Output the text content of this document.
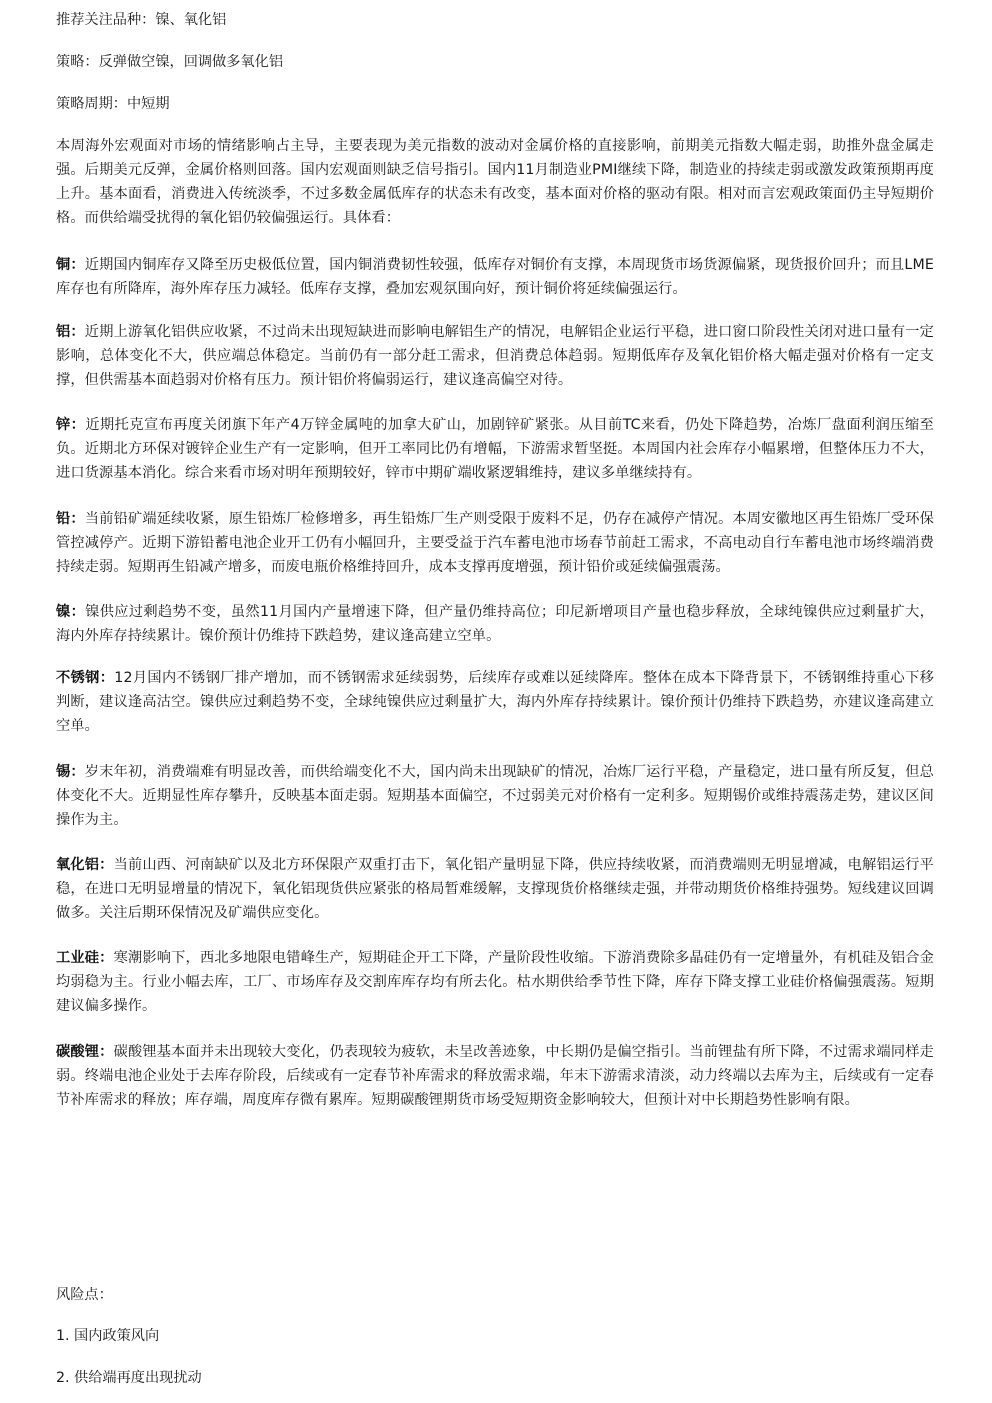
推荐关注品种：镍、氧化铝

策略：反弹做空镍，回调做多氧化铝

策略周期：中短期

本周海外宏观面对市场的情绪影响占主导，主要表现为美元指数的波动对金属价格的直接影响，前期美元指数大幅走弱，助推外盘金属走强。后期美元反弹，金属价格则回落。国内宏观面则缺乏信号指引。国内11月制造业PMI继续下降，制造业的持续走弱或激发政策预期再度上升。基本面看，消费进入传统淡季，不过多数金属低库存的状态未有改变，基本面对价格的驱动有限。相对而言宏观政策面仍主导短期价格。而供给端受扰得的氧化铝仍较偏强运行。具体看：

铜：近期国内铜库存又降至历史极低位置，国内铜消费韧性较强，低库存对铜价有支撑，本周现货市场货源偏紧，现货报价回升；而且LME库存也有所降库，海外库存压力减轻。低库存支撑，叠加宏观氛围向好，预计铜价将延续偏强运行。

铝：近期上游氧化铝供应收紧，不过尚未出现短缺进而影响电解铝生产的情况，电解铝企业运行平稳，进口窗口阶段性关闭对进口量有一定影响，总体变化不大，供应端总体稳定。当前仍有一部分赶工需求，但消费总体趋弱。短期低库存及氧化铝价格大幅走强对价格有一定支撑，但供需基本面趋弱对价格有压力。预计铝价将偏弱运行，建议逢高偏空对待。

锌：近期托克宣布再度关闭旗下年产4万锌金属吨的加拿大矿山，加剧锌矿紧张。从目前TC来看，仍处下降趋势，冶炼厂盘面利润压缩至负。近期北方环保对镀锌企业生产有一定影响，但开工率同比仍有增幅，下游需求暂坚挺。本周国内社会库存小幅累增，但整体压力不大，进口货源基本消化。综合来看市场对明年预期较好，锌市中期矿端收紧逻辑维持，建议多单继续持有。

铅：当前铅矿端延续收紧，原生铅炼厂检修增多，再生铅炼厂生产则受限于废料不足，仍存在减停产情况。本周安徽地区再生铅炼厂受环保管控减停产。近期下游铅蓄电池企业开工仍有小幅回升，主要受益于汽车蓄电池市场春节前赶工需求，不高电动自行车蓄电池市场终端消费持续走弱。短期再生铅减产增多，而废电瓶价格维持回升，成本支撑再度增强，预计铅价或延续偏强震荡。

镍：镍供应过剩趋势不变，虽然11月国内产量增速下降，但产量仍维持高位；印尼新增项目产量也稳步释放，全球纯镍供应过剩量扩大，海内外库存持续累计。镍价预计仍维持下跌趋势，建议逢高建立空单。

不锈钢：12月国内不锈钢厂排产增加，而不锈钢需求延续弱势，后续库存或难以延续降库。整体在成本下降背景下，不锈钢维持重心下移判断，建议逢高沽空。镍供应过剩趋势不变，全球纯镍供应过剩量扩大，海内外库存持续累计。镍价预计仍维持下跌趋势，亦建议逢高建立空单。

锡：岁末年初，消费端难有明显改善，而供给端变化不大，国内尚未出现缺矿的情况，冶炼厂运行平稳，产量稳定，进口量有所反复，但总体变化不大。近期显性库存攀升，反映基本面走弱。短期基本面偏空，不过弱美元对价格有一定利多。短期锡价或维持震荡走势，建议区间操作为主。

氧化铝：当前山西、河南缺矿以及北方环保限产双重打击下，氧化铝产量明显下降，供应持续收紧，而消费端则无明显增减，电解铝运行平稳，在进口无明显增量的情况下，氧化铝现货供应紧张的格局暂难缓解，支撑现货价格继续走强，并带动期货价格维持强势。短线建议回调做多。关注后期环保情况及矿端供应变化。

工业硅：寒潮影响下，西北多地限电错峰生产，短期硅企开工下降，产量阶段性收缩。下游消费除多晶硅仍有一定增量外，有机硅及铝合金均弱稳为主。行业小幅去库，工厂、市场库存及交割库库存均有所去化。枯水期供给季节性下降，库存下降支撑工业硅价格偏强震荡。短期建议偏多操作。

碳酸锂：碳酸锂基本面并未出现较大变化，仍表现较为疲软，未呈改善迹象，中长期仍是偏空指引。当前锂盐有所下降，不过需求端同样走弱。终端电池企业处于去库存阶段，后续或有一定春节补库需求的释放需求端，年末下游需求清淡，动力终端以去库为主，后续或有一定春节补库需求的释放；库存端，周度库存微有累库。短期碳酸锂期货市场受短期资金影响较大，但预计对中长期趋势性影响有限。

风险点：

1. 国内政策风向

2. 供给端再度出现扰动
